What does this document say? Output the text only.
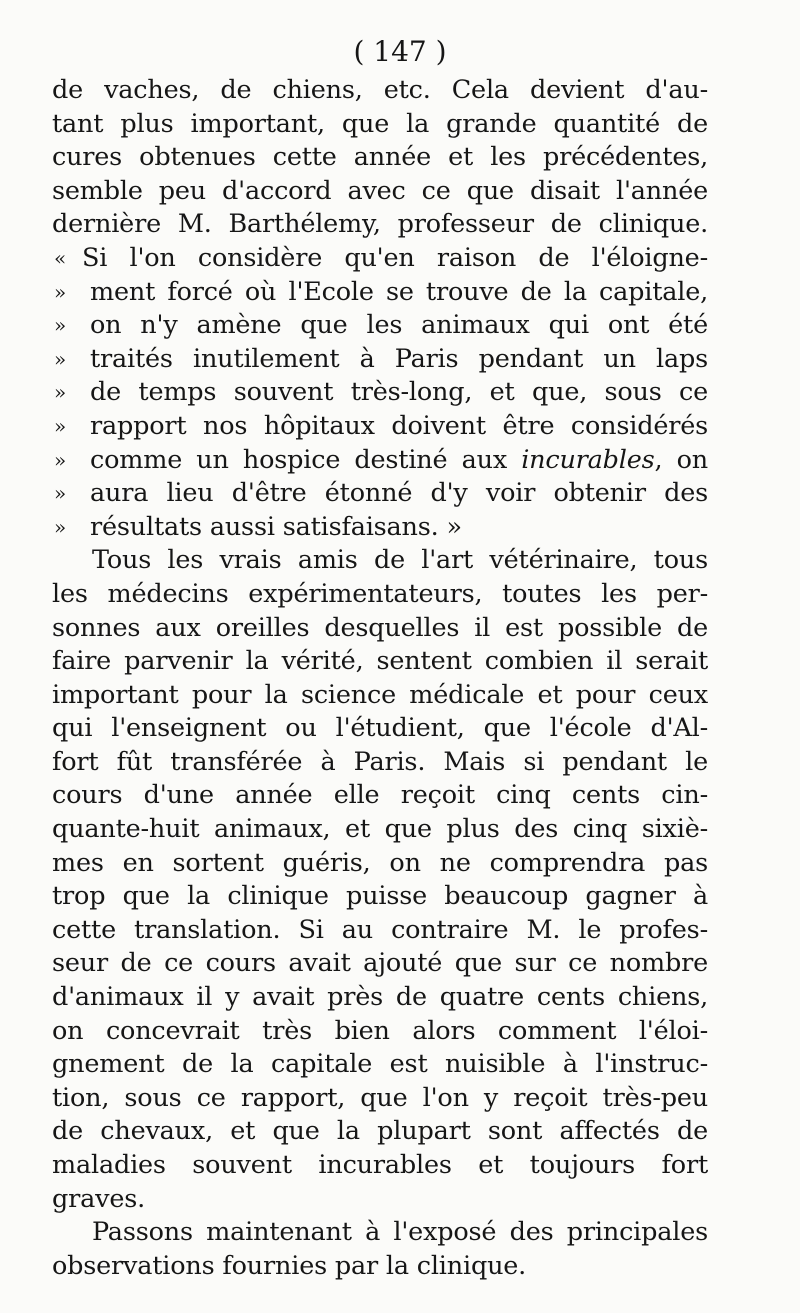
( 147 )
de vaches, de chiens, etc. Cela devient d'au-
tant plus important, que la grande quantité de
cures obtenues cette année et les précédentes,
semble peu d'accord avec ce que disait l'année
dernière M. Barthélemy, professeur de clinique.
« Si l'on considère qu'en raison de l'éloigne-
» ment forcé où l'Ecole se trouve de la capitale,
» on n'y amène que les animaux qui ont été
» traités inutilement à Paris pendant un laps
» de temps souvent très-long, et que, sous ce
» rapport nos hôpitaux doivent être considérés
» comme un hospice destiné aux incurables, on
» aura lieu d'être étonné d'y voir obtenir des
» résultats aussi satisfaisans. »
Tous les vrais amis de l'art vétérinaire, tous
les médecins expérimentateurs, toutes les per-
sonnes aux oreilles desquelles il est possible de
faire parvenir la vérité, sentent combien il serait
important pour la science médicale et pour ceux
qui l'enseignent ou l'étudient, que l'école d'Al-
fort fût transférée à Paris. Mais si pendant le
cours d'une année elle reçoit cinq cents cin-
quante-huit animaux, et que plus des cinq sixiè-
mes en sortent guéris, on ne comprendra pas
trop que la clinique puisse beaucoup gagner à
cette translation. Si au contraire M. le profes-
seur de ce cours avait ajouté que sur ce nombre
d'animaux il y avait près de quatre cents chiens,
on concevrait très bien alors comment l'éloi-
gnement de la capitale est nuisible à l'instruc-
tion, sous ce rapport, que l'on y reçoit très-peu
de chevaux, et que la plupart sont affectés de
maladies souvent incurables et toujours fort
graves.
Passons maintenant à l'exposé des principales
observations fournies par la clinique.
